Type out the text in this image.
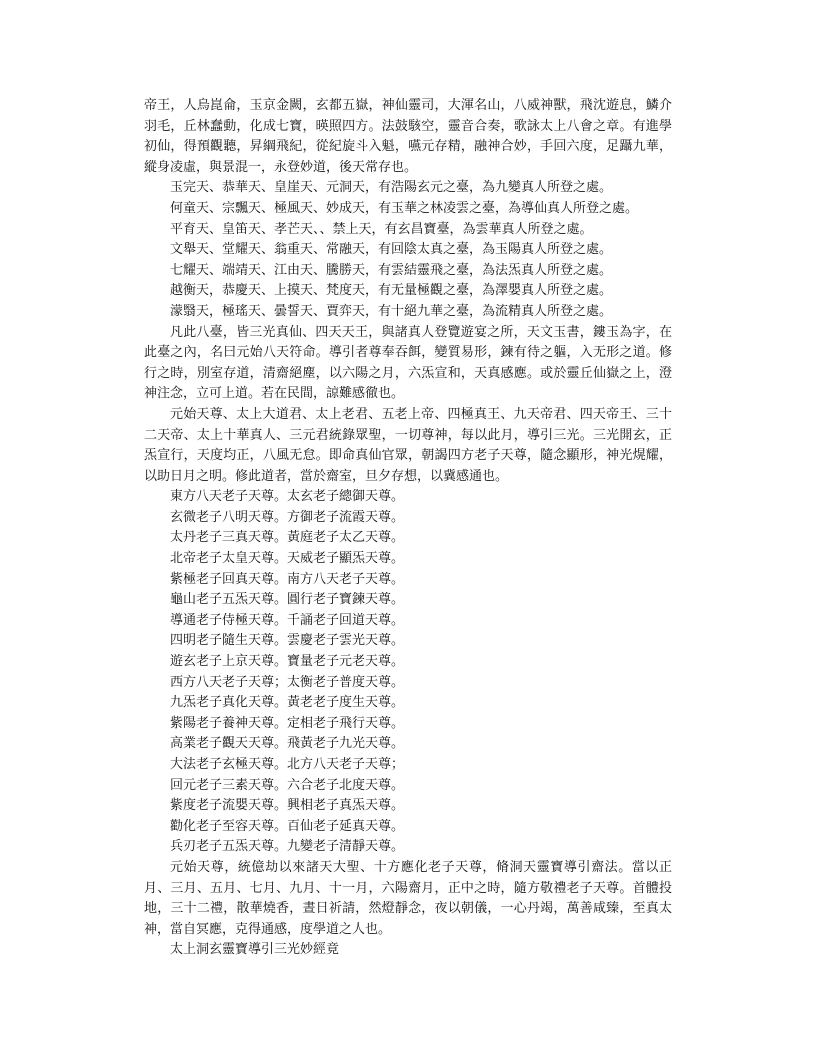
帝王，人烏崑侖，玉京金闕，玄都五嶽，神仙靈司，大渾名山，八威神獸，飛沈遊息，鱗介羽毛，丘林蠢動，化成七寶，暎照四方。法鼓駭空，靈音合奏，歌詠太上八會之章。有進學初仙，得預觀聽，昇綱飛紀，從紀旋斗入魁，嚥元存精，融神合妙，手回六度，足躡九華，縱身凌虛，與景混一，永登妙道，後天常存也。

玉完天、恭華天、皇崖天、元洞天，有浩陽玄元之臺，為九變真人所登之處。

何童天、宗飄天、極風天、妙成天，有玉華之林凌雲之臺，為導仙真人所登之處。

平育天、皇笛天、孝芒天、、禁上天，有玄昌寶臺，為雲華真人所登之處。

文舉天、堂耀天、翁重天、常融天，有回陰太真之臺，為玉陽真人所登之處。

七耀天、端靖天、江由天、騰勝天，有雲結靈飛之臺，為法炁真人所登之處。

越衡天，恭慶天、上摸天、梵度天，有无量極觀之臺，為澤嬰真人所登之處。

濛翳天，極瑤天、曇誓天、賈弈天，有十絕九華之臺，為流精真人所登之處。

凡此八臺，皆三光真仙、四天天王，與諸真人登覽遊宴之所，天文玉書，鏤玉為字，在此臺之內，名曰元始八天符命。導引者尊奉吞餌，變質易形，鍊有待之軀，入无形之道。修行之時，別室存道，清齋絕塵，以六陽之月，六炁宣和，天真感應。或於靈丘仙嶽之上，澄神注念，立可上道。若在民間，諒難感徹也。

元始天尊、太上大道君、太上老君、五老上帝、四極真王、九天帝君、四天帝王、三十二天帝、太上十華真人、三元君統錄眾聖，一切尊神，每以此月，導引三光。三光開玄，正炁宣行，天度均正，八風无怠。即命真仙官眾，朝謁四方老子天尊，隨念顯形，神光熀耀，以助日月之明。修此道者，當於齋室，旦夕存想，以冀感通也。

東方八天老子天尊。太玄老子總御天尊。

玄微老子八明天尊。方御老子流霞天尊。

太丹老子三真天尊。黃庭老子太乙天尊。

北帝老子太皇天尊。天威老子顯炁天尊。

紫極老子回真天尊。南方八天老子天尊。

龜山老子五炁天尊。圓行老子寶鍊天尊。

導通老子侍極天尊。千誦老子回道天尊。

四明老子隨生天尊。雲慶老子雲光天尊。

遊玄老子上京天尊。寶量老子元老天尊。

西方八天老子天尊；太衡老子普度天尊。

九炁老子真化天尊。黃老老子度生天尊。

紫陽老子養神天尊。定相老子飛行天尊。

高業老子觀天天尊。飛黃老子九光天尊。

大法老子玄極天尊。北方八天老子天尊；

回元老子三素天尊。六合老子北度天尊。

紫度老子流嬰天尊。興相老子真炁天尊。

勸化老子至容天尊。百仙老子延真天尊。

兵刃老子五炁天尊。九變老子清靜天尊。

元始天尊，統億劫以來諸天大聖、十方應化老子天尊，脩洞天靈寶導引齋法。當以正月、三月、五月、七月、九月、十一月，六陽齋月，正中之時，隨方敬禮老子天尊。首體投地，三十二禮，散華燒香，晝日祈請，然燈靜念，夜以朝儀，一心丹竭，萬善咸臻，至真太神，當自冥應，克得通感，度學道之人也。

太上洞玄靈寶導引三光妙經竟
